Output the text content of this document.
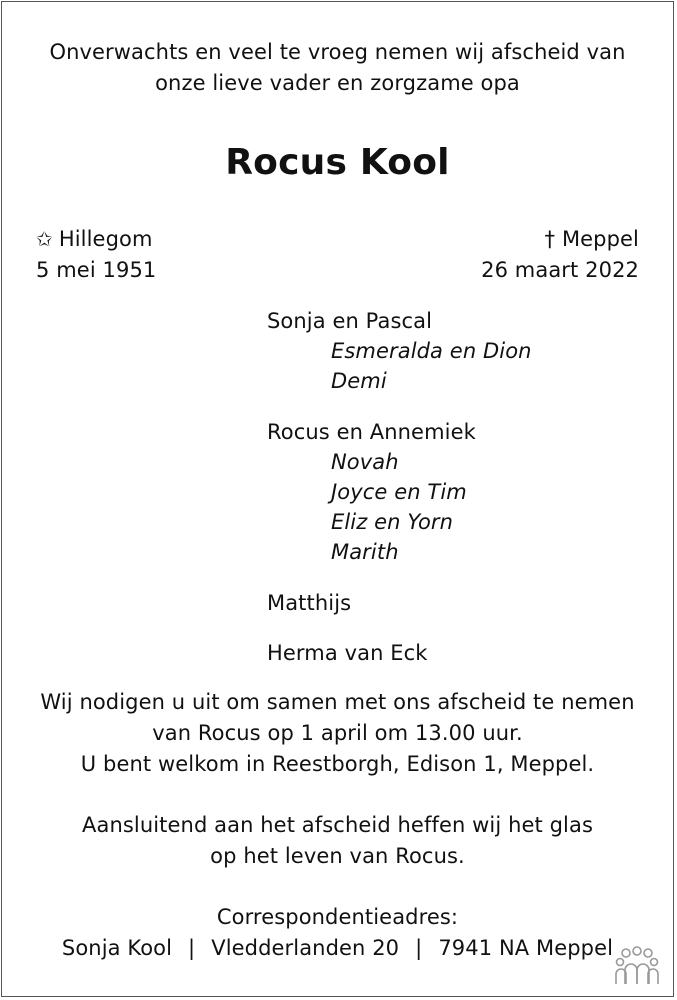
Onverwachts en veel te vroeg nemen wij afscheid van
onze lieve vader en zorgzame opa
Rocus Kool
✩ Hillegom
5 mei 1951
† Meppel
26 maart 2022
Sonja en Pascal
Esmeralda en Dion
Demi
Rocus en Annemiek
Novah
Joyce en Tim
Eliz en Yorn
Marith
Matthijs
Herma van Eck
Wij nodigen u uit om samen met ons afscheid te nemen
van Rocus op 1 april om 13.00 uur.
U bent welkom in Reestborgh, Edison 1, Meppel.
Aansluitend aan het afscheid heffen wij het glas
op het leven van Rocus.
Correspondentieadres:
Sonja Kool | Vledderlanden 20 | 7941 NA Meppel
